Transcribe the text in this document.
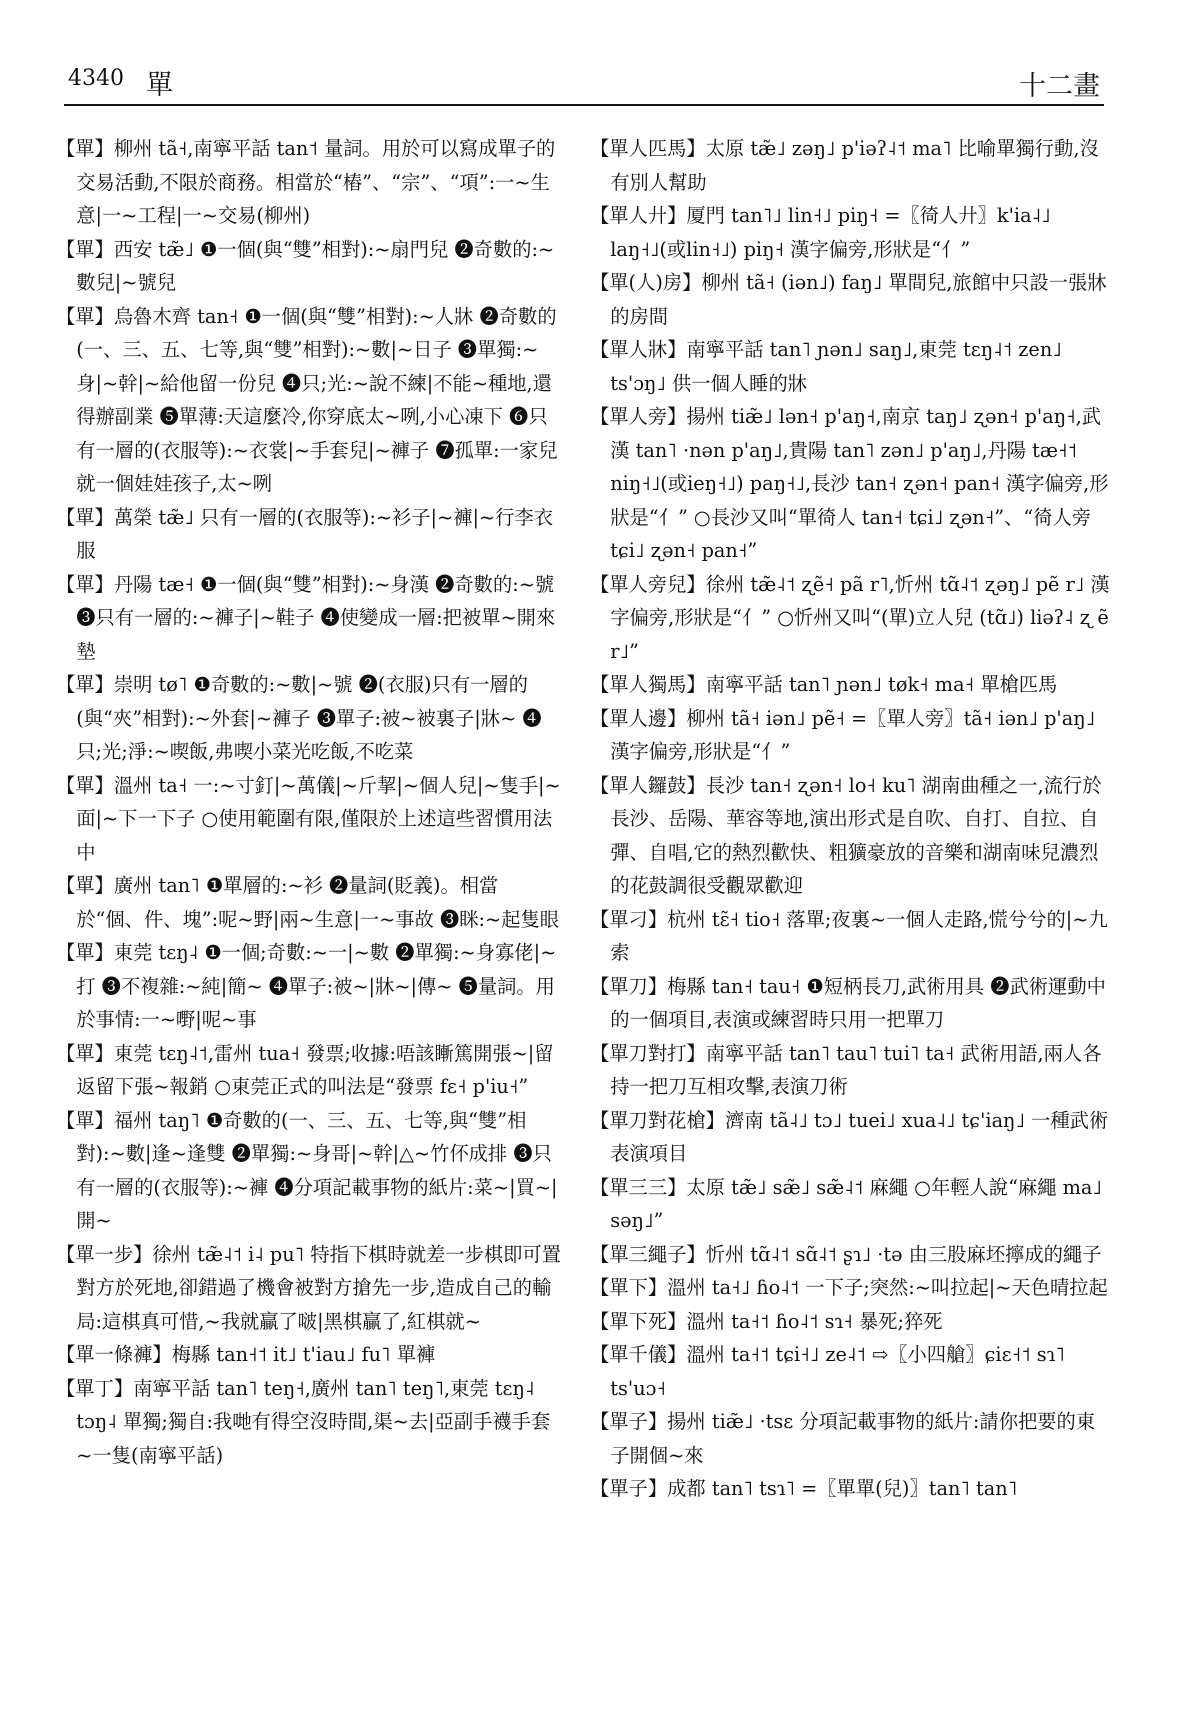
4340 單	十二畫

【單】柳州 tã˧,南寧平話 tan˦ 量詞。用於可以寫成單子的交易活動,不限於商務。相當於“樁”、“宗”、“項”:一~生意|一~工程|一~交易(柳州)

【單】西安 tæ̃˩ ❶一個(與“雙”相對):~扇門兒 ❷奇數的:~數兒|~號兒

【單】烏魯木齊 tan˧ ❶一個(與“雙”相對):~人牀 ❷奇數的(一、三、五、七等,與“雙”相對):~數|~日子 ❸單獨:~身|~幹|~給他留一份兒 ❹只;光:~說不練|不能~種地,還得辦副業 ❺單薄:天這麼冷,你穿底太~咧,小心凍下 ❻只有一層的(衣服等):~衣裳|~手套兒|~褲子 ❼孤單:一家兒就一個娃娃孩子,太~咧

【單】萬榮 tæ̃˩ 只有一層的(衣服等):~衫子|~褲|~行李衣服

【單】丹陽 tæ˧ ❶一個(與“雙”相對):~身漢 ❷奇數的:~號 ❸只有一層的:~褲子|~鞋子 ❹使變成一層:把被單~開來墊

【單】崇明 tø˥ ❶奇數的:~數|~號 ❷(衣服)只有一層的(與“夾”相對):~外套|~褲子 ❸單子:被~被裏子|牀~ ❹只;光;淨:~喫飯,弗喫小菜光吃飯,不吃菜

【單】溫州 ta˧ 一:~寸釘|~萬儀|~斤挈|~個人兒|~隻手|~面|~下一下子 ○使用範圍有限,僅限於上述這些習慣用法中

【單】廣州 tan˥ ❶單層的:~衫 ❷量詞(貶義)。相當於“個、件、塊”:呢~野|兩~生意|一~事故 ❸眯:~起隻眼

【單】東莞 tɛŋ˨ ❶一個;奇數:~一|~數 ❷單獨:~身寡佬|~打 ❸不複雜:~純|簡~ ❹單子:被~|牀~|傳~ ❺量詞。用於事情:一~嘢|呢~事

【單】東莞 tɛŋ˨˦,雷州 tua˧ 發票;收據:唔該䁪篤開張~|留返留下張~報銷 ○東莞正式的叫法是“發票 fɛ˧ p'iu˧”

【單】福州 taŋ˥ ❶奇數的(一、三、五、七等,與“雙”相對):~數|逢~逢雙 ❷單獨:~身哥|~幹|△~竹伓成排 ❸只有一層的(衣服等):~褲 ❹分項記載事物的紙片:菜~|買~|開~

【單一步】徐州 tæ̃˨˦ i˨ pu˥ 特指下棋時就差一步棋即可置對方於死地,卻錯過了機會被對方搶先一步,造成自己的輸局:這棋真可惜,~我就贏了啵|黑棋贏了,紅棋就~

【單一條褲】梅縣 tan˧˦ it˩ t'iau˩ fu˥ 單褲

【單丁】南寧平話 tan˥ teŋ˧,廣州 tan˥ teŋ˥,東莞 tɛŋ˨ tɔŋ˨ 單獨;獨自:我哋有得空沒時間,渠~去|亞副手襪手套~一隻(南寧平話)

【單人匹馬】太原 tæ̃˩ zəŋ˩ p'iəʔ˨˦ ma˥ 比喻單獨行動,沒有別人幫助

【單人廾】厦門 tan˥˩ lin˧˩ piŋ˧ =〖徛人廾〗k'ia˨˩ laŋ˧˩(或lin˧˩) piŋ˧ 漢字偏旁,形狀是“亻”

【單(人)房】柳州 tã˧ (iən˩) faŋ˩ 單間兒,旅館中只設一張牀的房間

【單人牀】南寧平話 tan˥ ɲən˩ saŋ˩,東莞 tɛŋ˨˦ zen˩ ts'ɔŋ˩ 供一個人睡的牀

【單人旁】揚州 tiæ̃˩ lən˧ p'aŋ˧,南京 taŋ˩ ʐən˧ p'aŋ˧,武漢 tan˥ ·nən p'aŋ˩,貴陽 tan˥ zən˩ p'aŋ˩,丹陽 tæ˧˦ niŋ˧˩(或ieŋ˧˩) paŋ˧˩,長沙 tan˧ ʐən˧ pan˧ 漢字偏旁,形狀是“亻” ○長沙又叫“單徛人 tan˧ tɕi˩ ʐən˧”、“徛人旁 tɕi˩ ʐən˧ pan˧”

【單人旁兒】徐州 tæ̃˨˦ ʐẽ˧ pã r˥,忻州 tɑ̃˨˦ ʐəŋ˩ pẽ r˩ 漢字偏旁,形狀是“亻” ○忻州又叫“(單)立人兒 (tɑ̃˩) liəʔ˨ ʐ ẽ r˩”

【單人獨馬】南寧平話 tan˥ ɲən˩ tøk˧ ma˧ 單槍匹馬

【單人邊】柳州 tã˧ iən˩ pẽ˧ =〖單人旁〗tã˧ iən˩ p'aŋ˩ 漢字偏旁,形狀是“亻”

【單人鑼鼓】長沙 tan˧ ʐən˧ lo˧ ku˥ 湖南曲種之一,流行於長沙、岳陽、華容等地,演出形式是自吹、自打、自拉、自彈、自唱,它的熱烈歡快、粗獷豪放的音樂和湖南味兒濃烈的花鼓調很受觀眾歡迎

【單刁】杭州 tɛ̃˧ tio˧ 落單;夜裏~一個人走路,慌兮兮的|~九索

【單刀】梅縣 tan˧ tau˧ ❶短柄長刀,武術用具 ❷武術運動中的一個項目,表演或練習時只用一把單刀

【單刀對打】南寧平話 tan˥ tau˥ tui˥ ta˧ 武術用語,兩人各持一把刀互相攻擊,表演刀術

【單刀對花槍】濟南 tã˨˩ tɔ˩ tuei˩ xua˨˩ tɕ'iaŋ˩ 一種武術表演項目

【單三三】太原 tæ̃˩ sæ̃˩ sæ̃˨˦ 麻繩 ○年輕人說“麻繩 ma˩ səŋ˩”

【單三繩子】忻州 tɑ̃˨˦ sɑ̃˨˦ ʂɿ˩ ·tə 由三股麻坯擰成的繩子

【單下】溫州 ta˧˩ ɦo˨˦ 一下子;突然:~叫拉起|~天色晴拉起

【單下死】溫州 ta˧˦ ɦo˨˦ sɿ˧ 暴死;猝死

【單千儀】溫州 ta˧˦ tɕi˧˩ ze˨˦ ⇨〖小四艙〗ɕiɛ˧˦ sɿ˥ ts'uɔ˧

【單子】揚州 tiæ̃˩ ·tsɛ 分項記載事物的紙片:請你把要的東子開個~來

【單子】成都 tan˥ tsɿ˥ =〖單單(兒)〗tan˥ tan˥
